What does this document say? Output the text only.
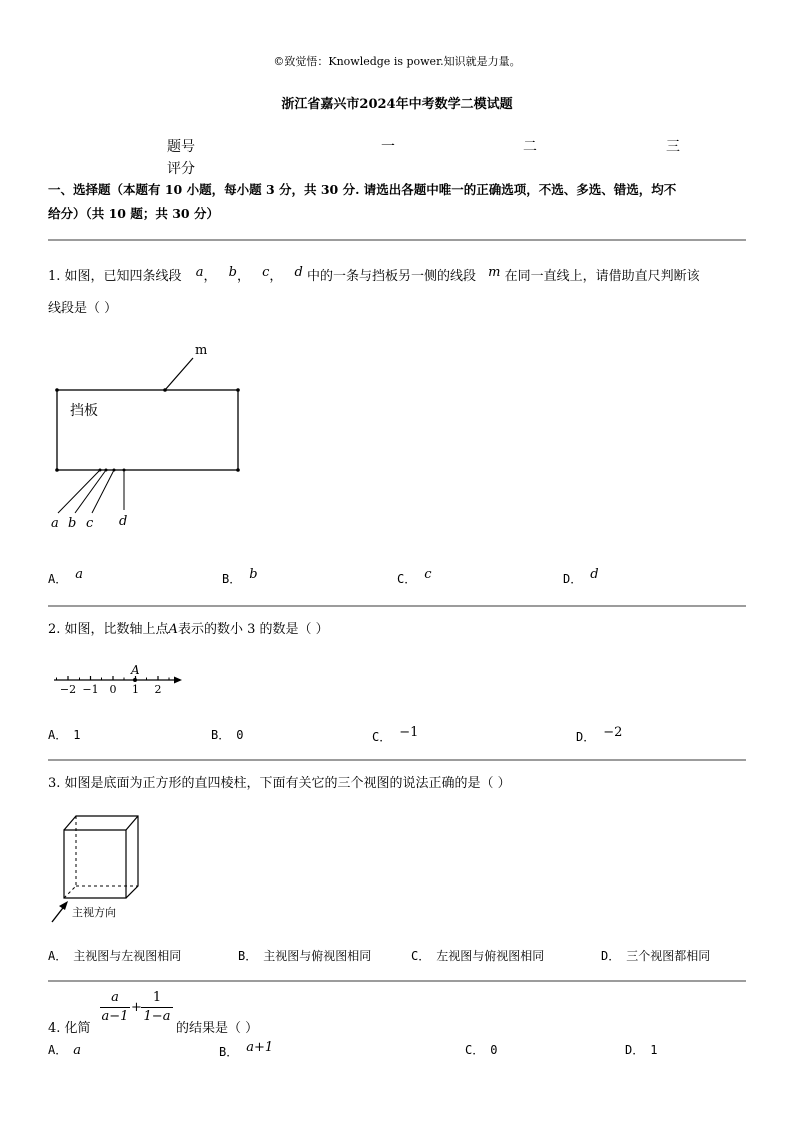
©致觉悟：Knowledge is power.知识就是力量。
浙江省嘉兴市2024年中考数学二模试题
题号	一	二	三
评分
一、选择题（本题有 10 小题，每小题 3 分，共 30 分. 请选出各题中唯一的正确选项，不选、多选、错选，均不
给分）（共 10 题；共 30 分）
1. 如图，已知四条线段 a， b， c， d 中的一条与挡板另一侧的线段 m 在同一直线上，请借助直尺判断该
线段是（ ）
m
挡板
a b c d
A． a	B． b	C． c	D． d
2. 如图，比数轴上点A表示的数小 3 的数是（ ）
−2 −1 0 1 2
A
A． 1	B． 0	C． −1	D． −2
3. 如图是底面为正方形的直四棱柱，下面有关它的三个视图的说法正确的是（ ）
主视方向
A． 主视图与左视图相同	B． 主视图与俯视图相同	C． 左视图与俯视图相同	D． 三个视图都相同
4. 化简
$\frac{a}{a-1} + \frac{1}{1-a}$
的结果是（ ）
A． a	B． a+1	C． 0	D． 1
